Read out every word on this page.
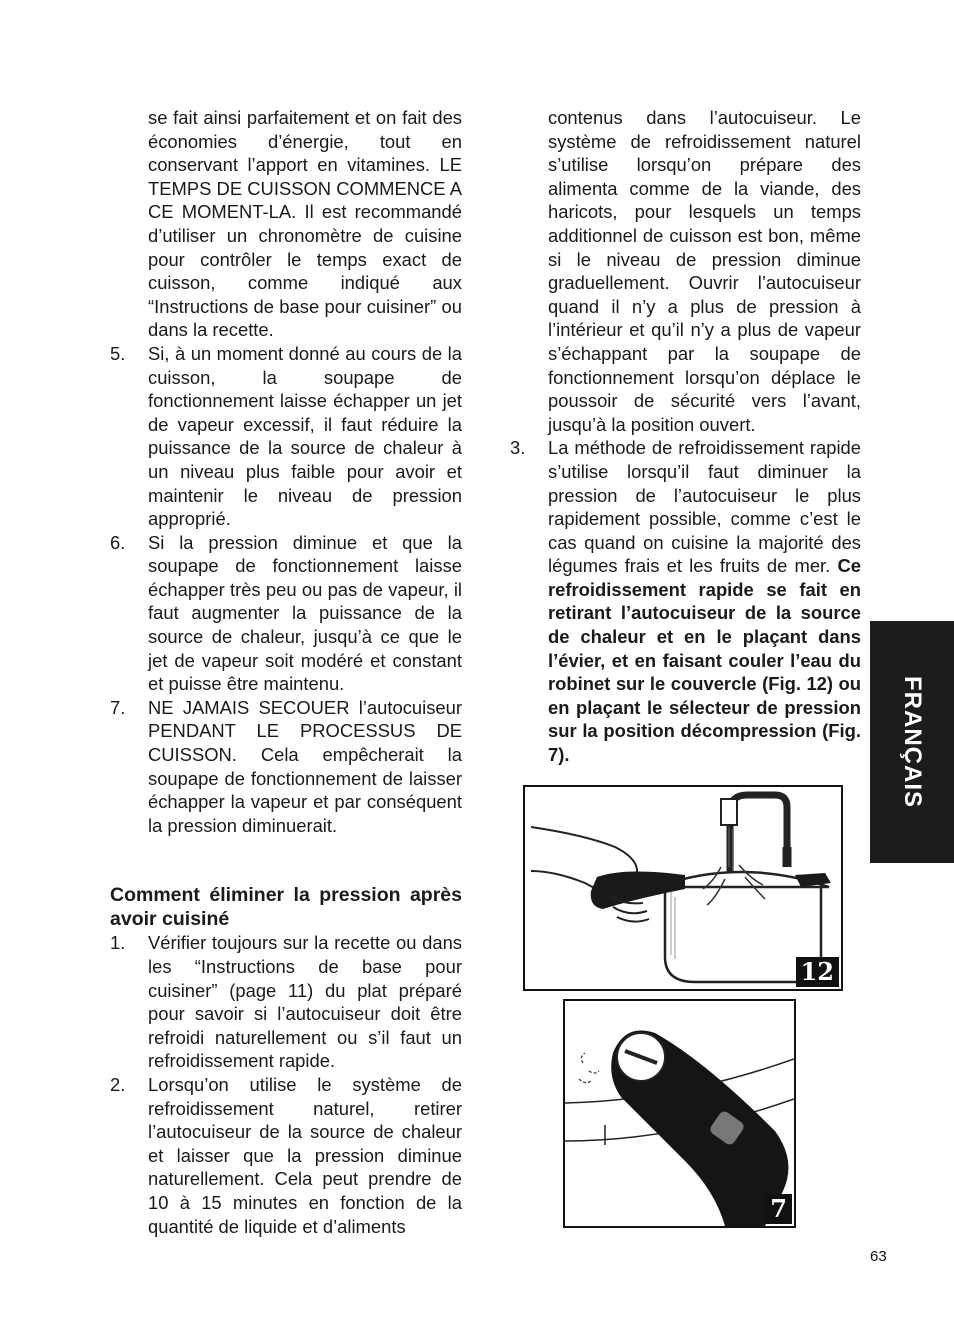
se fait ainsi parfaitement et on fait des économies d’énergie, tout en conservant l’apport en vitamines. LE TEMPS DE CUISSON COMMENCE A CE MOMENT-LA. Il est recommandé d’utiliser un chronomètre de cuisine pour contrôler le temps exact de cuisson, comme indiqué aux “Instructions de base pour cuisiner” ou dans la recette.

5. Si, à un moment donné au cours de la cuisson, la soupape de fonctionnement laisse échapper un jet de vapeur excessif, il faut réduire la puissance de la source de chaleur à un niveau plus faible pour avoir et maintenir le niveau de pression approprié.
6. Si la pression diminue et que la soupape de fonctionnement laisse échapper très peu ou pas de vapeur, il faut augmenter la puissance de la source de chaleur, jusqu’à ce que le jet de vapeur soit modéré et constant et puisse être maintenu.
7. NE JAMAIS SECOUER l’autocuiseur PENDANT LE PROCESSUS DE CUISSON. Cela empêcherait la soupape de fonctionnement de laisser échapper la vapeur et par conséquent la pression diminuerait.
Comment éliminer la pression après avoir cuisiné
1. Vérifier toujours sur la recette ou dans les “Instructions de base pour cuisiner” (page 11) du plat préparé pour savoir si l’autocuiseur doit être refroidi naturellement ou s’il faut un refroidissement rapide.
2. Lorsqu’on utilise le système de refroidissement naturel, retirer l’autocuiseur de la source de chaleur et laisser que la pression diminue naturellement. Cela peut prendre de 10 à 15 minutes en fonction de la quantité de liquide et d’aliments

contenus dans l’autocuiseur. Le système de refroidissement naturel s’utilise lorsqu’on prépare des alimenta comme de la viande, des haricots, pour lesquels un temps additionnel de cuisson est bon, même si le niveau de pression diminue graduellement. Ouvrir l’autocuiseur quand il n’y a plus de pression à l’intérieur et qu’il n’y a plus de vapeur s’échappant par la soupape de fonctionnement lorsqu’on déplace le poussoir de sécurité vers l’avant, jusqu’à la position ouvert.

3. La méthode de refroidissement rapide s’utilise lorsqu’il faut diminuer la pression de l’autocuiseur le plus rapidement possible, comme c’est le cas quand on cuisine la majorité des légumes frais et les fruits de mer. Ce refroidissement rapide se fait en retirant l’autocuiseur de la source de chaleur et en le plaçant dans l’évier, et en faisant couler l’eau du robinet sur le couvercle (Fig. 12) ou en plaçant le sélecteur de pression sur la position décompression (Fig. 7).	FRANÇAIS
12
7
63
